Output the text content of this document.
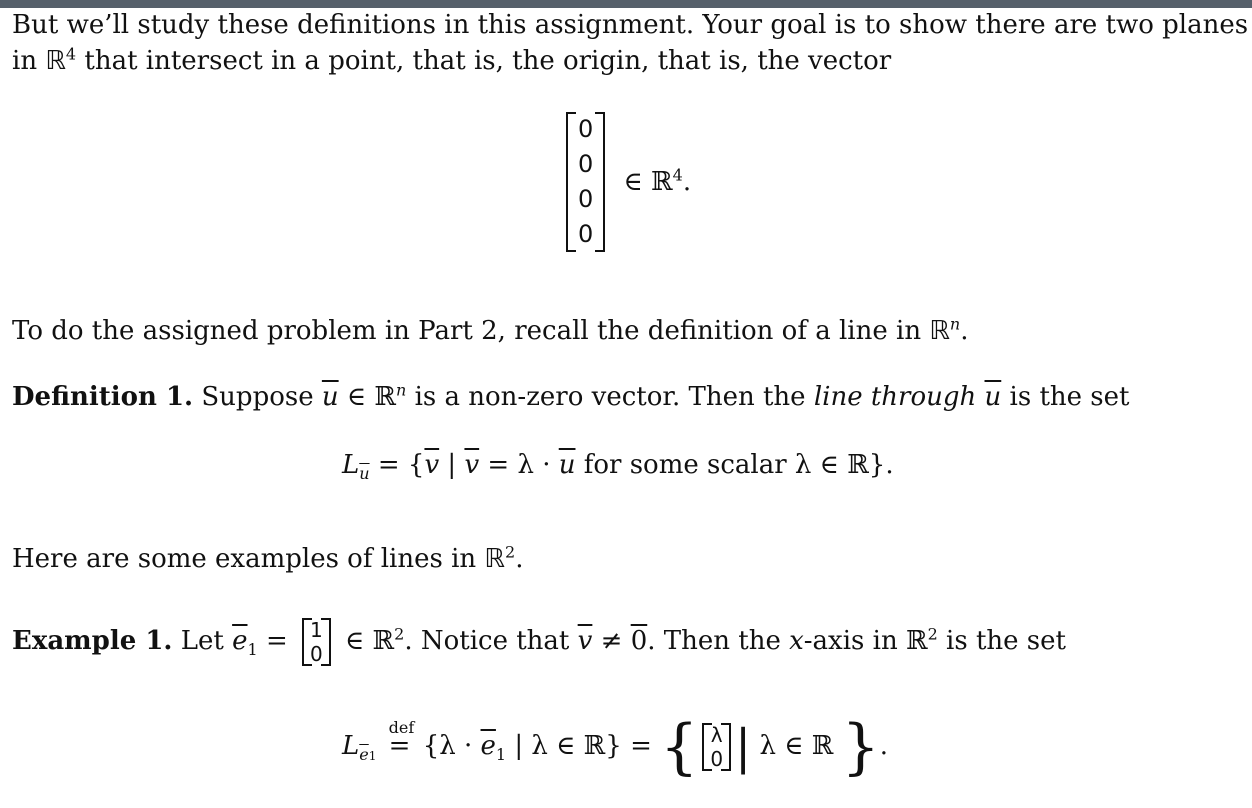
But we’ll study these definitions in this assignment. Your goal is to show there are two planes
in ℝ$^4$ that intersect in a point, that is, the origin, that is, the vector
0
0
0
0
∈ ℝ$^4$.
To do the assigned problem in Part 2, recall the definition of a line in ℝ$^n$.
Definition 1. Suppose $\overline{u}$ ∈ ℝ$^n$ is a non-zero vector. Then the line through $\overline{u}$ is the set
$L_{\overline{u}} = \{\overline{v}$ | $\overline{v} = \lambda \cdot \overline{u}$ for some scalar λ ∈ ℝ}.
Here are some examples of lines in ℝ$^2$.
Example 1. Let $\overline{e}_1 = 1$
0 ∈ ℝ$^2$. Notice that $\overline{v} \ne 0$. Then the x-axis in ℝ$^2$ is the set
$L_{\overline{e}1}$
def
= {$\lambda \cdot \overline{e}_1$ | λ ∈ ℝ} = { λ
0 | λ ∈ ℝ }.
